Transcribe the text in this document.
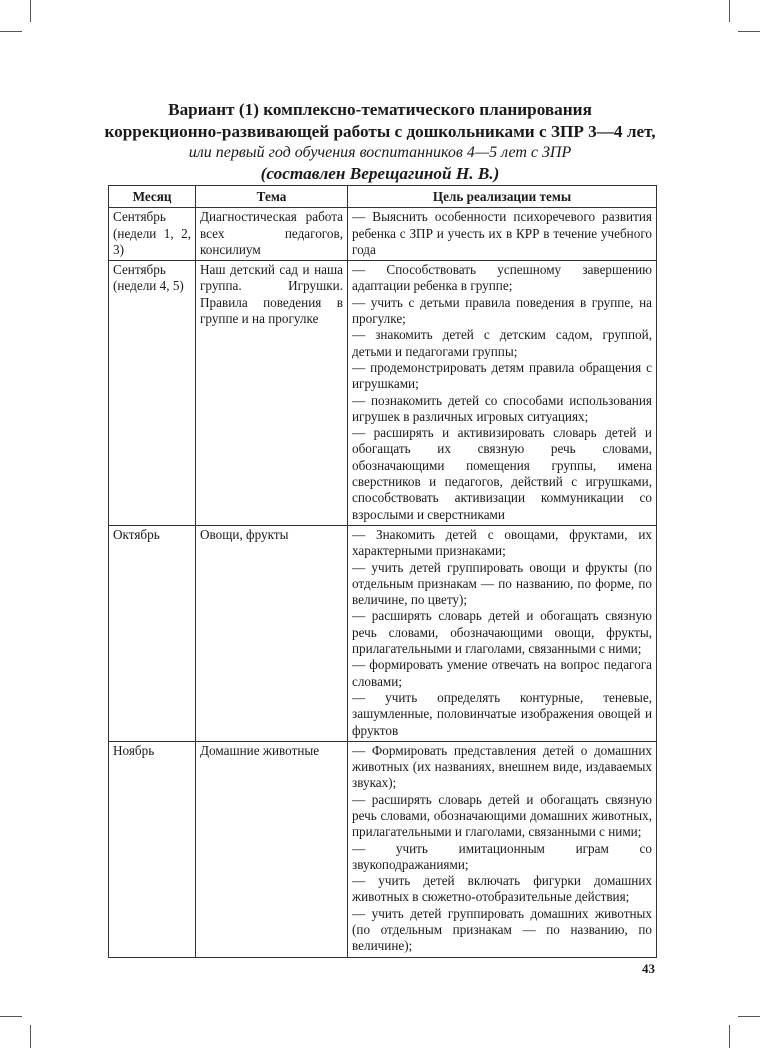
Вариант (1) комплексно-тематического планирования

коррекционно-развивающей работы с дошкольниками с ЗПР 3—4 лет,

или первый год обучения воспитанников 4—5 лет с ЗПР

(составлен Верещагиной Н. В.)

Месяц	Тема	Цель реализации темы
Сентябрь (недели 1, 2, 3)	Диагностическая работа всех педагогов, консилиум	— Выяснить особенности психоречевого развития ребенка с ЗПР и учесть их в КРР в течение учебного года

Сентябрь (недели 4, 5)	Наш детский сад и наша группа. Игрушки. Правила поведения в группе и на прогулке	
— Способствовать успешному завершению адаптации ребенка в группе;
— учить с детьми правила поведения в группе, на прогулке;
— знакомить детей с детским садом, группой, детьми и педагогами группы;
— продемонстрировать детям правила обращения с игрушками;
— познакомить детей со способами использования игрушек в различных игровых ситуациях;
— расширять и активизировать словарь детей и обогащать их связную речь словами, обозначающими помещения группы, имена сверстников и педагогов, действий с игрушками, способствовать активизации коммуникации со взрослыми и сверстниками

Октябрь	Овощи, фрукты	— Знакомить детей с овощами, фруктами, их характерными признаками;
— учить детей группировать овощи и фрукты (по отдельным признакам — по названию, по форме, по величине, по цвету);
— расширять словарь детей и обогащать связную речь словами, обозначающими овощи, фрукты, прилагательными и глаголами, связанными с ними;
— формировать умение отвечать на вопрос педагога словами;
— учить определять контурные, теневые, зашумленные, половинчатые изображения овощей и фруктов

Ноябрь	Домашние животные	— Формировать представления детей о домашних животных (их названиях, внешнем виде, издаваемых звуках);
— расширять словарь детей и обогащать связную речь словами, обозначающими домашних животных, прилагательными и глаголами, связанными с ними;
— учить имитационным играм со звукоподражаниями;
— учить детей включать фигурки домашних животных в сюжетно-отобразительные действия;
— учить детей группировать домашних животных (по отдельным признакам — по названию, по величине);
43
